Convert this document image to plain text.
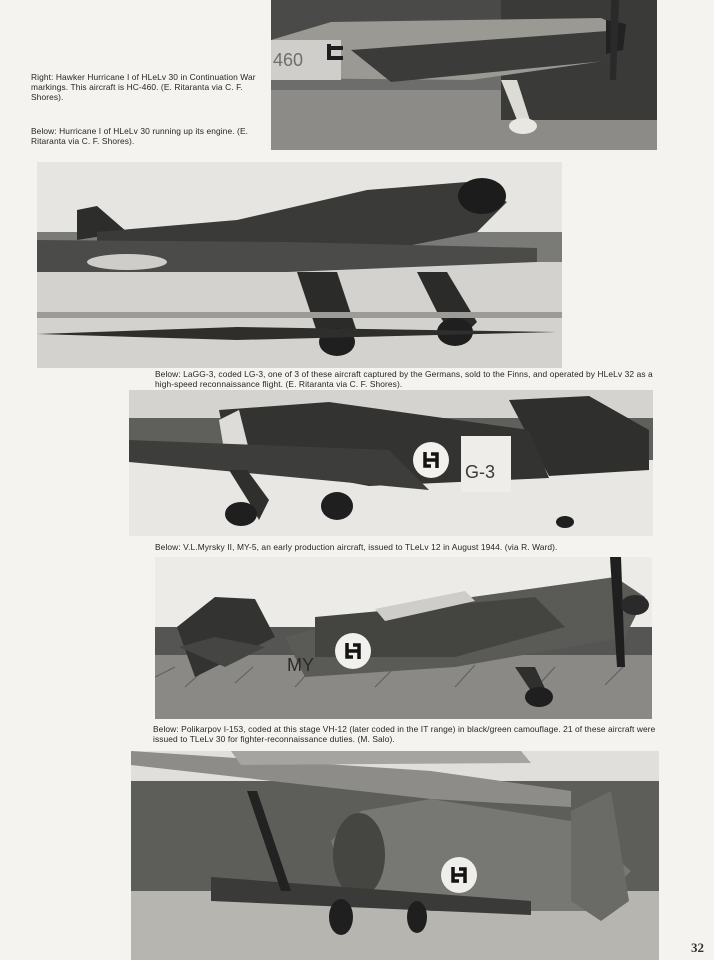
460
Right: Hawker Hurricane I of HLeLv 30 in Continuation War markings. This aircraft is HC-460. (E. Ritaranta via C. F. Shores).
Below: Hurricane I of HLeLv 30 running up its engine. (E. Ritaranta via C. F. Shores).
Below: LaGG-3, coded LG-3, one of 3 of these aircraft captured by the Germans, sold to the Finns, and operated by HLeLv 32 as a high-speed reconnaissance flight. (E. Ritaranta via C. F. Shores).
G-3
Below: V.L.Myrsky II, MY-5, an early production aircraft, issued to TLeLv 12 in August 1944. (via R. Ward).
MY
Below: Polikarpov I-153, coded at this stage VH-12 (later coded in the IT range) in black/green camouflage. 21 of these aircraft were issued to TLeLv 30 for fighter-reconnaissance duties. (M. Salo).
32
